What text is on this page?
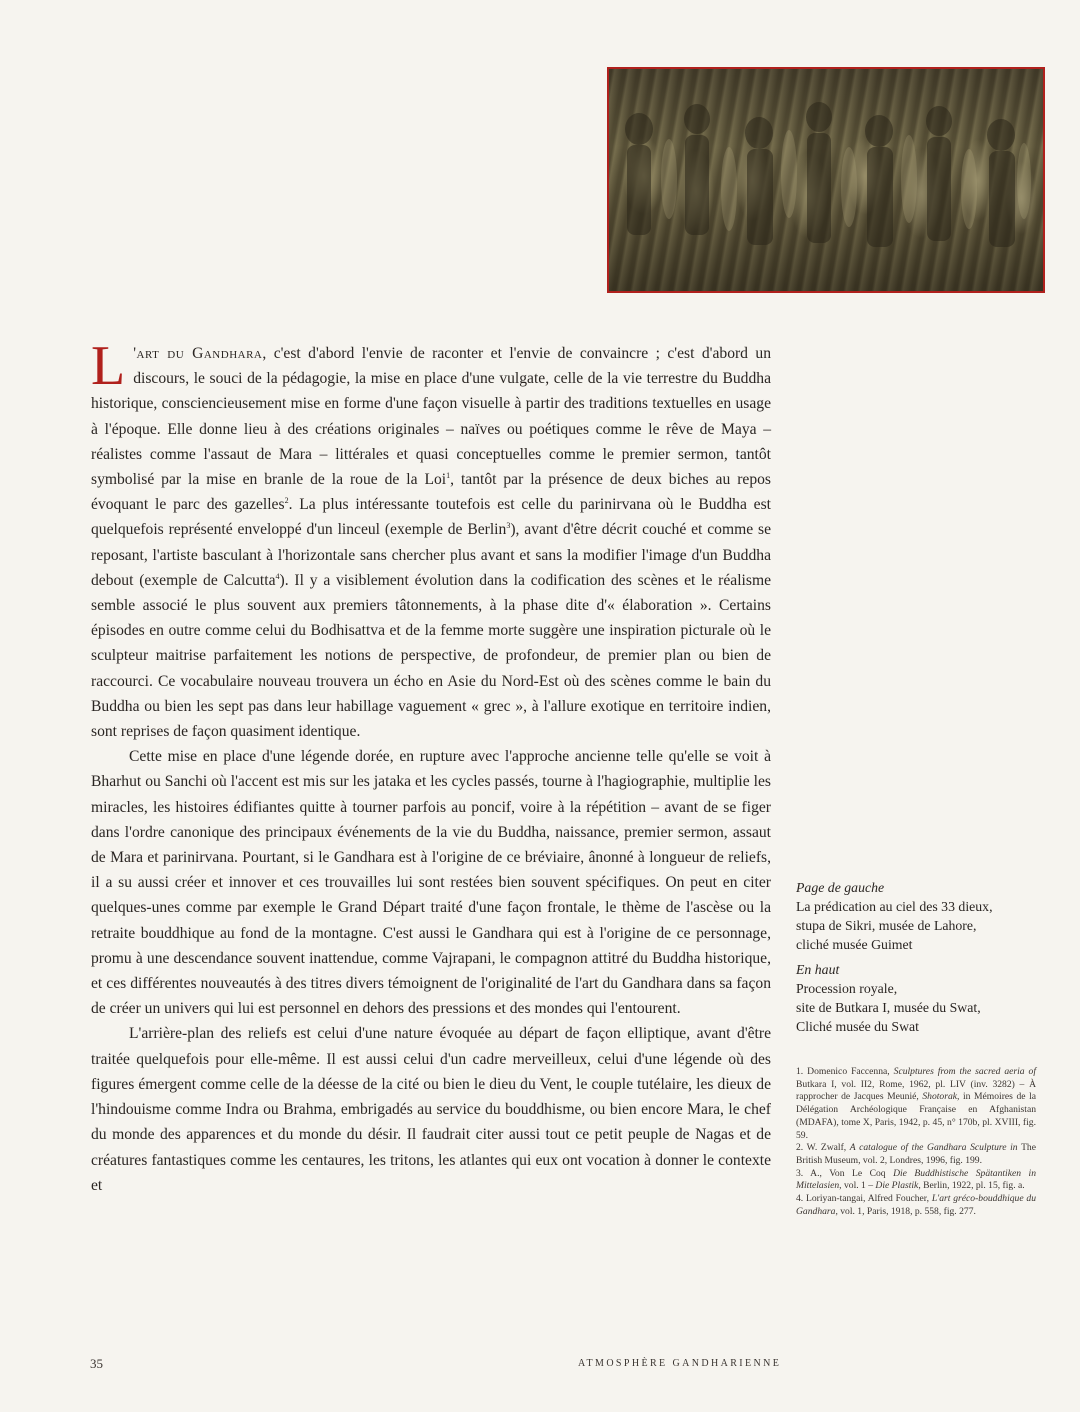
L 'art du Gandhara, c'est d'abord l'envie de raconter et l'envie de convaincre ; c'est d'abord un discours, le souci de la pédagogie, la mise en place d'une vulgate, celle de la vie terrestre du Buddha historique, consciencieusement mise en forme d'une façon visuelle à partir des traditions textuelles en usage à l'époque. Elle donne lieu à des créations originales – naïves ou poétiques comme le rêve de Maya – réalistes comme l'assaut de Mara – littérales et quasi conceptuelles comme le premier sermon, tantôt symbolisé par la mise en branle de la roue de la Loi$^1$, tantôt par la présence de deux biches au repos évoquant le parc des gazelles$^2$. La plus intéressante toutefois est celle du parinirvana où le Buddha est quelquefois représenté enveloppé d'un linceul (exemple de Berlin$^3$), avant d'être décrit couché et comme se reposant, l'artiste basculant à l'horizontale sans chercher plus avant et sans la modifier l'image d'un Buddha debout (exemple de Calcutta$^4$). Il y a visiblement évolution dans la codification des scènes et le réalisme semble associé le plus souvent aux premiers tâtonnements, à la phase dite d'« élaboration ». Certains épisodes en outre comme celui du Bodhisattva et de la femme morte suggère une inspiration picturale où le sculpteur maitrise parfaitement les notions de perspective, de profondeur, de premier plan ou bien de raccourci. Ce vocabulaire nouveau trouvera un écho en Asie du Nord-Est où des scènes comme le bain du Buddha ou bien les sept pas dans leur habillage vaguement « grec », à l'allure exotique en territoire indien, sont reprises de façon quasiment identique.

Cette mise en place d'une légende dorée, en rupture avec l'approche ancienne telle qu'elle se voit à Bharhut ou Sanchi où l'accent est mis sur les jataka et les cycles passés, tourne à l'hagiographie, multiplie les miracles, les histoires édifiantes quitte à tourner parfois au poncif, voire à la répétition – avant de se figer dans l'ordre canonique des principaux événements de la vie du Buddha, naissance, premier sermon, assaut de Mara et parinirvana. Pourtant, si le Gandhara est à l'origine de ce bréviaire, ânonné à longueur de reliefs, il a su aussi créer et innover et ces trouvailles lui sont restées bien souvent spécifiques. On peut en citer quelques-unes comme par exemple le Grand Départ traité d'une façon frontale, le thème de l'ascèse ou la retraite bouddhique au fond de la montagne. C'est aussi le Gandhara qui est à l'origine de ce personnage, promu à une descendance souvent inattendue, comme Vajrapani, le compagnon attitré du Buddha historique, et ces différentes nouveautés à des titres divers témoignent de l'originalité de l'art du Gandhara dans sa façon de créer un univers qui lui est personnel en dehors des pressions et des mondes qui l'entourent.

L'arrière-plan des reliefs est celui d'une nature évoquée au départ de façon elliptique, avant d'être traitée quelquefois pour elle-même. Il est aussi celui d'un cadre merveilleux, celui d'une légende où des figures émergent comme celle de la déesse de la cité ou bien le dieu du Vent, le couple tutélaire, les dieux de l'hindouisme comme Indra ou Brahma, embrigadés au service du bouddhisme, ou bien encore Mara, le chef du monde des apparences et du monde du désir. Il faudrait citer aussi tout ce petit peuple de Nagas et de créatures fantastiques comme les centaures, les tritons, les atlantes qui eux ont vocation à donner le contexte et

Page de gauche
La prédication au ciel des 33 dieux,
stupa de Sikri, musée de Lahore,
cliché musée Guimet
En haut
Procession royale,
site de Butkara I, musée du Swat,
Cliché musée du Swat

1. Domenico Faccenna, Sculptures from the sacred aeria of Butkara I, vol. II2, Rome, 1962, pl. LIV (inv. 3282) – À rapprocher de Jacques Meunié, Shotorak, in Mémoires de la Délégation Archéologique Française en Afghanistan (MDAFA), tome X, Paris, 1942, p. 45, n° 170b, pl. XVIII, fig. 59.

2. W. Zwalf, A catalogue of the Gandhara Sculpture in The British Museum, vol. 2, Londres, 1996, fig. 199.

3. A., Von Le Coq Die Buddhistische Spätantiken in Mittelasien, vol. 1 – Die Plastik, Berlin, 1922, pl. 15, fig. a.

4. Loriyan-tangai, Alfred Foucher, L'art gréco-bouddhique du Gandhara, vol. 1, Paris, 1918, p. 558, fig. 277.

35	ATMOSPHÈRE GANDHARIENNE
